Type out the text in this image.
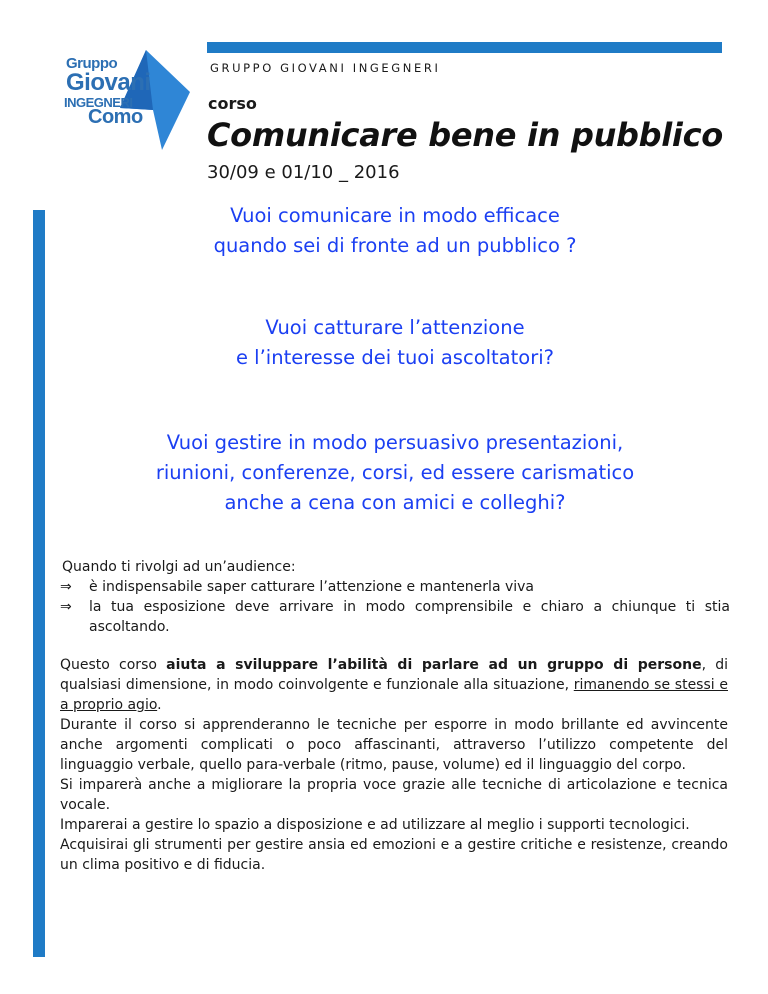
Gruppo
Giovani
INGEGNERI
Como
GRUPPO GIOVANI INGEGNERI
corso
Comunicare bene in pubblico
30/09 e 01/10 _ 2016
Vuoi comunicare in modo efficace
quando sei di fronte ad un pubblico ?
Vuoi catturare l’attenzione
e l’interesse dei tuoi ascoltatori?
Vuoi gestire in modo persuasivo presentazioni,
riunioni, conferenze, corsi, ed essere carismatico
anche a cena con amici e colleghi?
Quando ti rivolgi ad un’audience:
⇒	è indispensabile saper catturare l’attenzione e mantenerla viva
⇒	la tua esposizione deve arrivare in modo comprensibile e chiaro a chiunque ti stia ascoltando.

Questo corso aiuta a sviluppare l’abilità di parlare ad un gruppo di persone, di qualsiasi dimensione, in modo coinvolgente e funzionale alla situazione, rimanendo se stessi e a proprio agio.

Durante il corso si apprenderanno le tecniche per esporre in modo brillante ed avvincente anche argomenti complicati o poco affascinanti, attraverso l’utilizzo competente del linguaggio verbale, quello para-verbale (ritmo, pause, volume) ed il linguaggio del corpo.

Si imparerà anche a migliorare la propria voce grazie alle tecniche di articolazione e tecnica vocale.

Imparerai a gestire lo spazio a disposizione e ad utilizzare al meglio i supporti tecnologici.

Acquisirai gli strumenti per gestire ansia ed emozioni e a gestire critiche e resistenze, creando un clima positivo e di fiducia.
